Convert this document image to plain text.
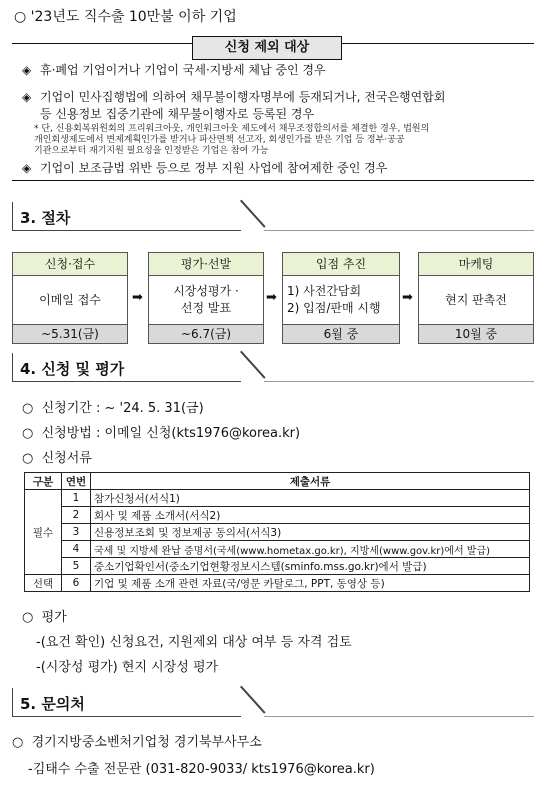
○ '23년도 직수출 10만불 이하 기업
신청 제외 대상
◈ 휴·폐업 기업이거나 기업이 국세·지방세 체납 중인 경우
◈ 기업이 민사집행법에 의하여 채무불이행자명부에 등재되거나, 전국은행연합회
등 신용정보 집중기관에 채무불이행자로 등록된 경우
* 단, 신용회복위원회의 프리워크아웃, 개인워크아웃 제도에서 채무조정합의서를 체결한 경우, 법원의
개인회생제도에서 변제계획인가를 받거나 파산면책 선고자, 회생인가를 받은 기업 등 정부·공공
기관으로부터 재기지원 필요성을 인정받은 기업은 참여 가능
◈ 기업이 보조금법 위반 등으로 정부 지원 사업에 참여제한 중인 경우
3. 절차
신청·접수
이메일 접수
~5.31(금)
➡
평가·선발
시장성평가 ·
선정 발표
~6.7(금)
➡
입점 추진
1) 사전간담회
2) 입점/판매 시행
6월 중
➡
마케팅
현지 판촉전
10월 중
4. 신청 및 평가
○ 신청기간 : ~ '24. 5. 31(금)
○ 신청방법 : 이메일 신청(kts1976@korea.kr)
○ 신청서류
구분	연번	제출서류
필수	1	참가신청서(서식1)
	2	회사 및 제품 소개서(서식2)
	3	신용정보조회 및 정보제공 동의서(서식3)
	4	국세 및 지방세 완납 증명서(국세(www.hometax.go.kr), 지방세(www.gov.kr)에서 발급)
	5	중소기업확인서(중소기업현황정보시스템(sminfo.mss.go.kr)에서 발급)
선택	6	기업 및 제품 소개 관련 자료(국/영문 카탈로그, PPT, 동영상 등)
○ 평가
-(요건 확인) 신청요건, 지원제외 대상 여부 등 자격 검토
-(시장성 평가) 현지 시장성 평가
5. 문의처
○ 경기지방중소벤처기업청 경기북부사무소
-김태수 수출 전문관 (031-820-9033/ kts1976@korea.kr)
